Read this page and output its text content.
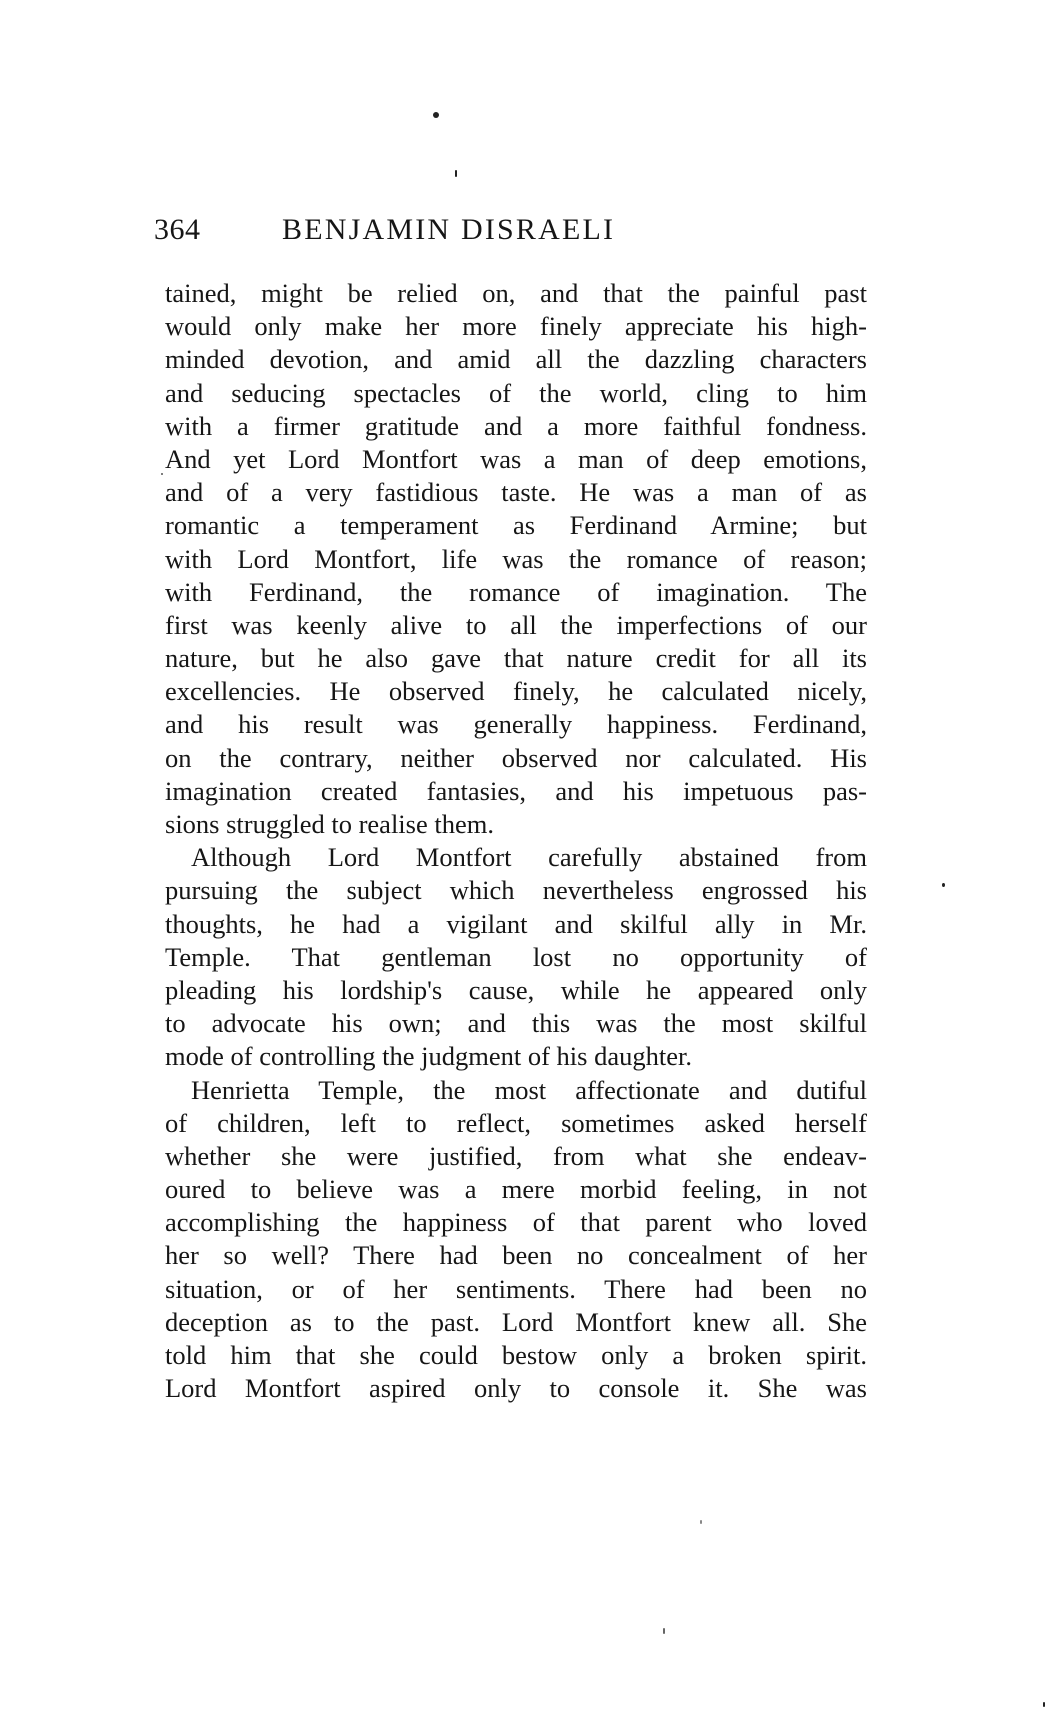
364	BENJAMIN DISRAELI
tained, might be relied on, and that the painful past
would only make her more finely appreciate his high-
minded devotion, and amid all the dazzling characters
and seducing spectacles of the world, cling to him
with a firmer gratitude and a more faithful fondness.
And yet Lord Montfort was a man of deep emotions,
and of a very fastidious taste. He was a man of as
romantic a temperament as Ferdinand Armine; but
with Lord Montfort, life was the romance of reason;
with Ferdinand, the romance of imagination. The
first was keenly alive to all the imperfections of our
nature, but he also gave that nature credit for all its
excellencies. He observed finely, he calculated nicely,
and his result was generally happiness. Ferdinand,
on the contrary, neither observed nor calculated. His
imagination created fantasies, and his impetuous pas-
sions struggled to realise them.
Although Lord Montfort carefully abstained from
pursuing the subject which nevertheless engrossed his
thoughts, he had a vigilant and skilful ally in Mr.
Temple. That gentleman lost no opportunity of
pleading his lordship's cause, while he appeared only
to advocate his own; and this was the most skilful
mode of controlling the judgment of his daughter.
Henrietta Temple, the most affectionate and dutiful
of children, left to reflect, sometimes asked herself
whether she were justified, from what she endeav-
oured to believe was a mere morbid feeling, in not
accomplishing the happiness of that parent who loved
her so well? There had been no concealment of her
situation, or of her sentiments. There had been no
deception as to the past. Lord Montfort knew all. She
told him that she could bestow only a broken spirit.
Lord Montfort aspired only to console it. She was
